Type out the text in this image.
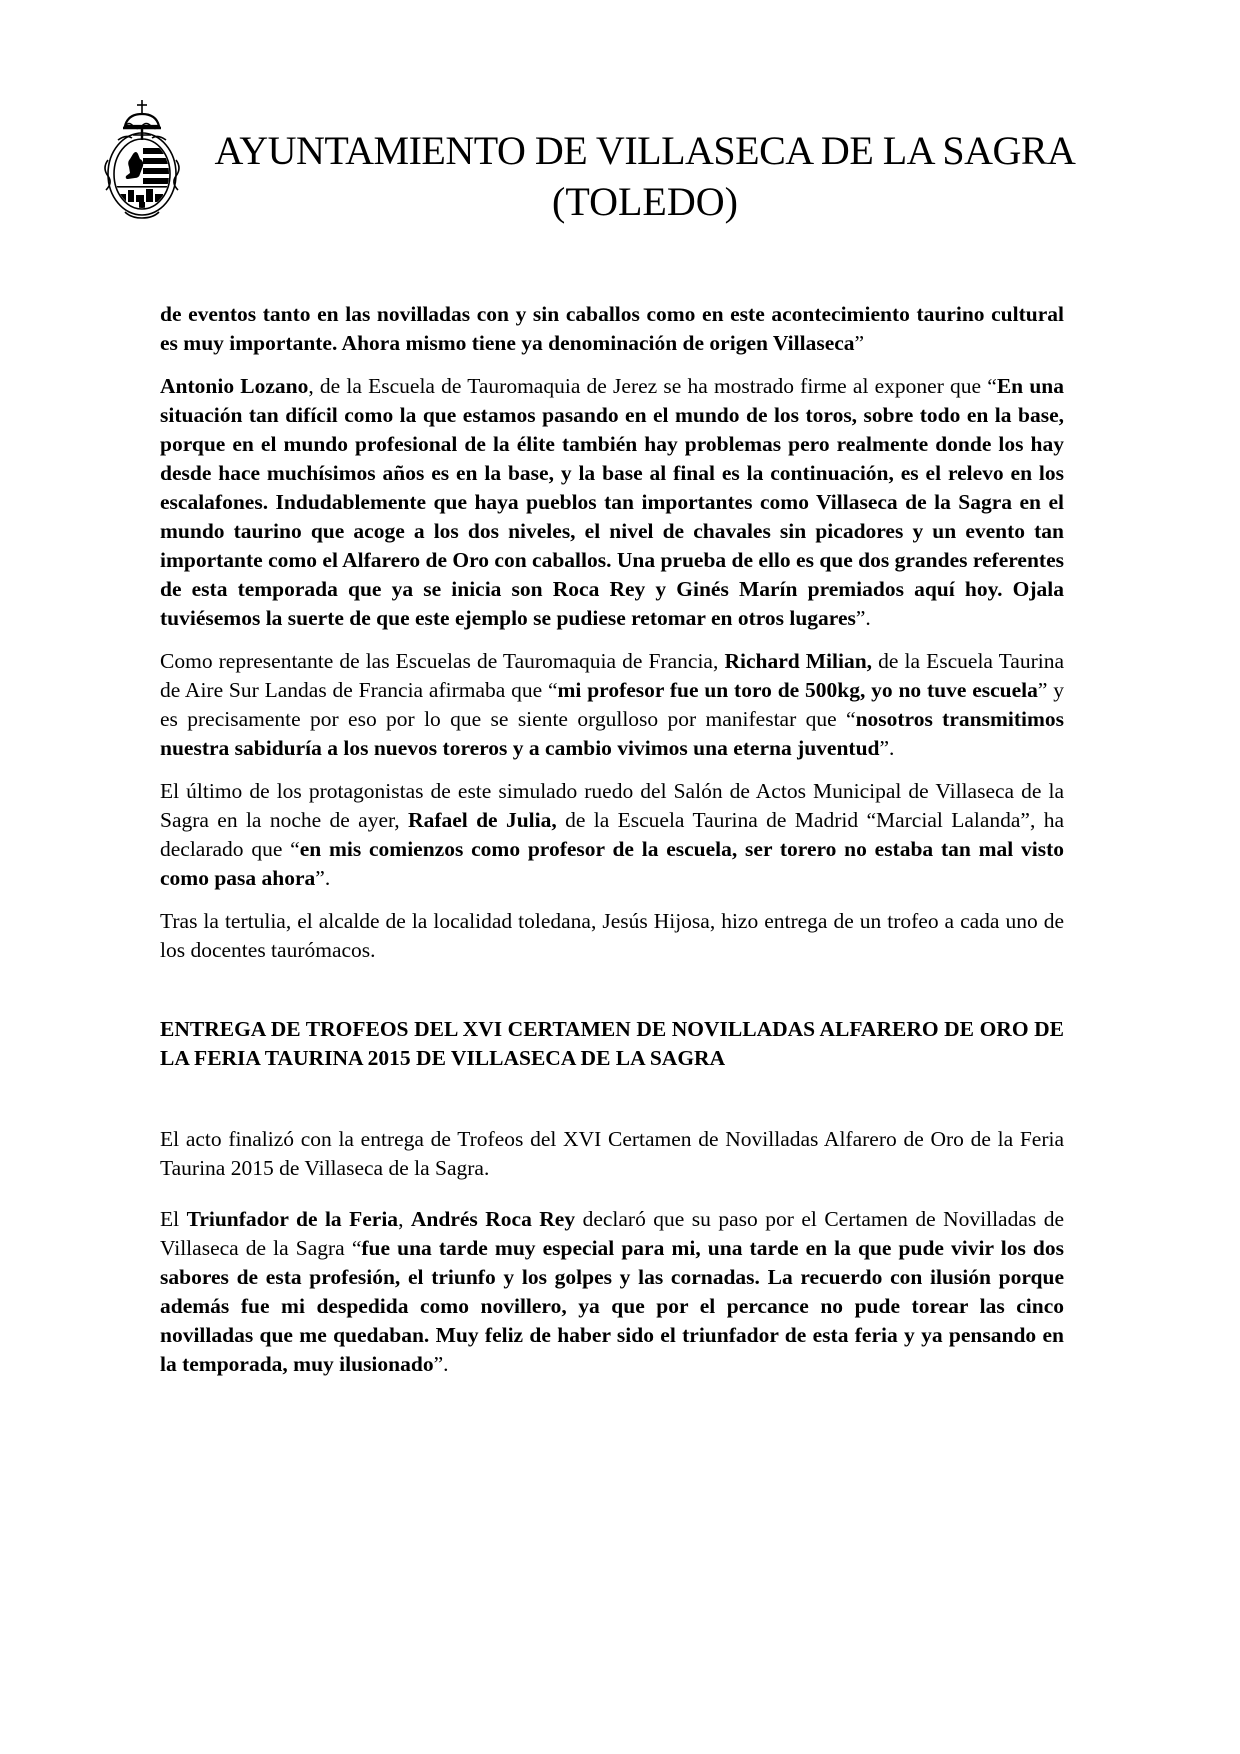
AYUNTAMIENTO DE VILLASECA DE LA SAGRA
(TOLEDO)

de eventos tanto en las novilladas con y sin caballos como en este acontecimiento taurino cultural es muy importante. Ahora mismo tiene ya denominación de origen Villaseca”

Antonio Lozano, de la Escuela de Tauromaquia de Jerez se ha mostrado firme al exponer que “En una situación tan difícil como la que estamos pasando en el mundo de los toros, sobre todo en la base, porque en el mundo profesional de la élite también hay problemas pero realmente donde los hay desde hace muchísimos años es en la base, y la base al final es la continuación, es el relevo en los escalafones. Indudablemente que haya pueblos tan importantes como Villaseca de la Sagra en el mundo taurino que acoge a los dos niveles, el nivel de chavales sin picadores y un evento tan importante como el Alfarero de Oro con caballos. Una prueba de ello es que dos grandes referentes de esta temporada que ya se inicia son Roca Rey y Ginés Marín premiados aquí hoy. Ojala tuviésemos la suerte de que este ejemplo se pudiese retomar en otros lugares”.

Como representante de las Escuelas de Tauromaquia de Francia, Richard Milian, de la Escuela Taurina de Aire Sur Landas de Francia afirmaba que “mi profesor fue un toro de 500kg, yo no tuve escuela” y es precisamente por eso por lo que se siente orgulloso por manifestar que “nosotros transmitimos nuestra sabiduría a los nuevos toreros y a cambio vivimos una eterna juventud”.

El último de los protagonistas de este simulado ruedo del Salón de Actos Municipal de Villaseca de la Sagra en la noche de ayer, Rafael de Julia, de la Escuela Taurina de Madrid “Marcial Lalanda”, ha declarado que “en mis comienzos como profesor de la escuela, ser torero no estaba tan mal visto como pasa ahora”.

Tras la tertulia, el alcalde de la localidad toledana, Jesús Hijosa, hizo entrega de un trofeo a cada uno de los docentes taurómacos.

ENTREGA DE TROFEOS DEL XVI CERTAMEN DE NOVILLADAS ALFARERO DE ORO DE LA FERIA TAURINA 2015 DE VILLASECA DE LA SAGRA

El acto finalizó con la entrega de Trofeos del XVI Certamen de Novilladas Alfarero de Oro de la Feria Taurina 2015 de Villaseca de la Sagra.

El Triunfador de la Feria, Andrés Roca Rey declaró que su paso por el Certamen de Novilladas de Villaseca de la Sagra “fue una tarde muy especial para mi, una tarde en la que pude vivir los dos sabores de esta profesión, el triunfo y los golpes y las cornadas. La recuerdo con ilusión porque además fue mi despedida como novillero, ya que por el percance no pude torear las cinco novilladas que me quedaban. Muy feliz de haber sido el triunfador de esta feria y ya pensando en la temporada, muy ilusionado”.
